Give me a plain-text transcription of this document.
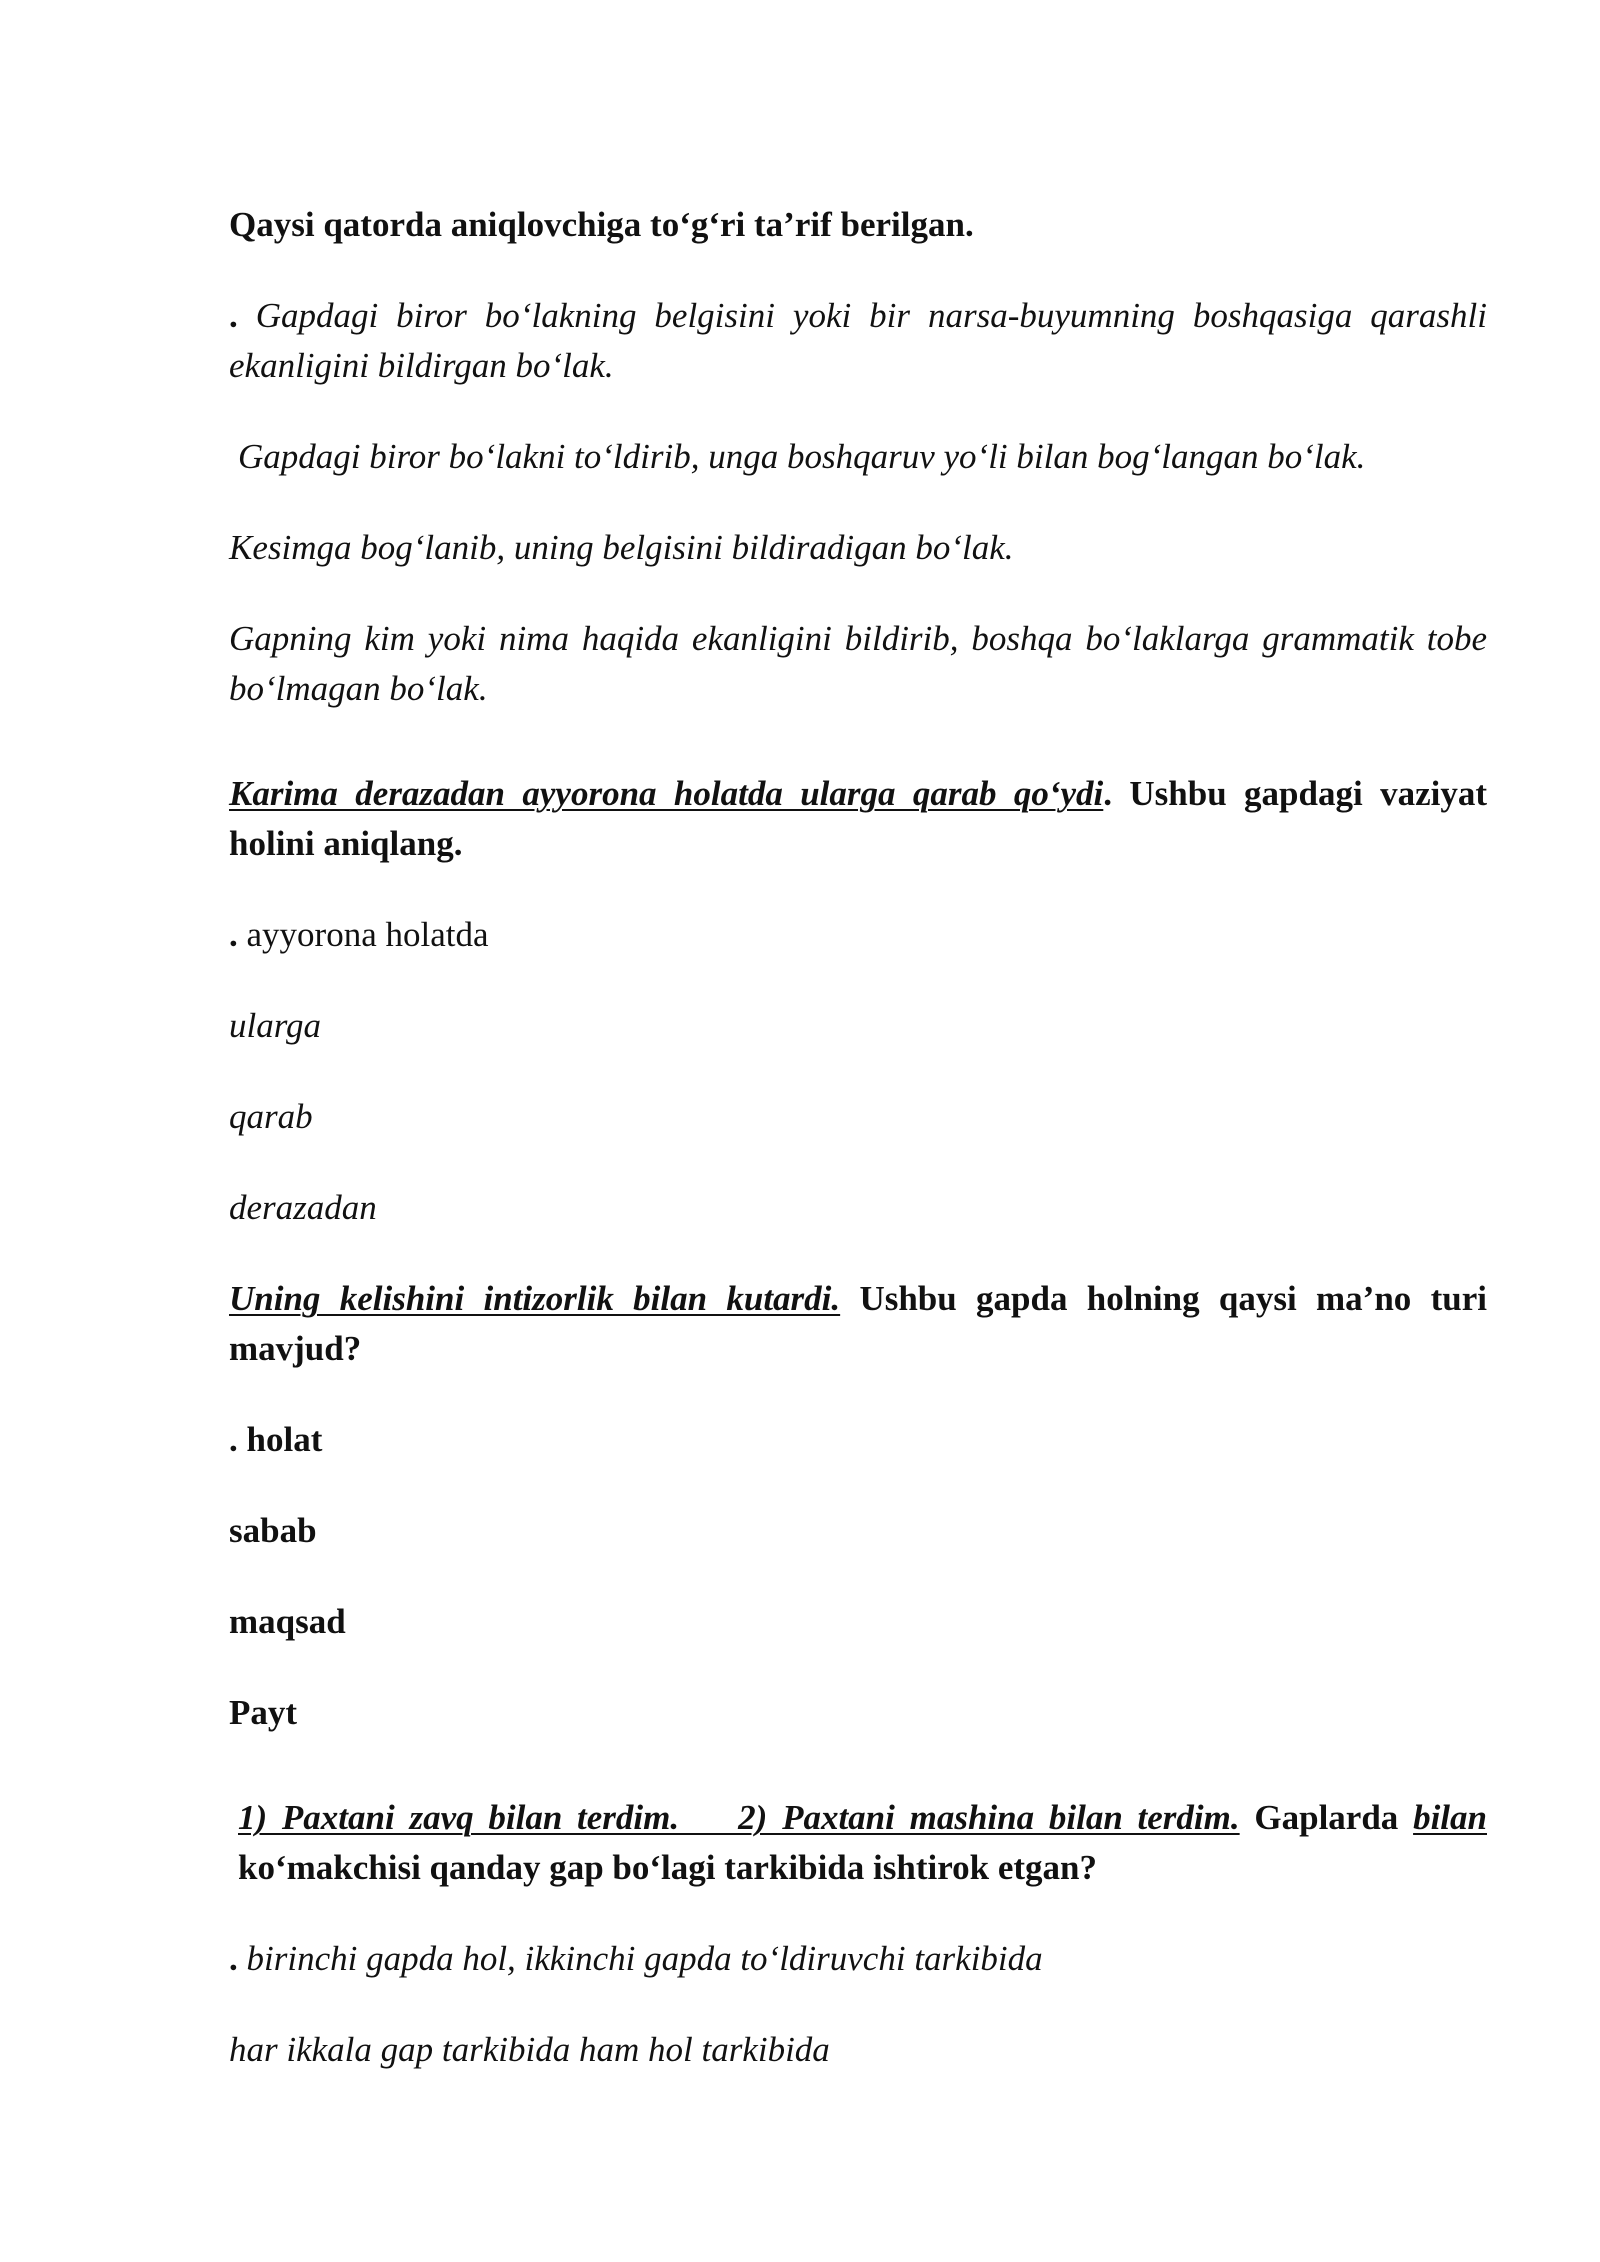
Qaysi qatorda aniqlovchiga to‘g‘ri ta’rif berilgan.

. Gapdagi biror bo‘lakning belgisini yoki bir narsa-buyumning boshqasiga qarashli ekanligini bildirgan bo‘lak.

Gapdagi biror bo‘lakni to‘ldirib, unga boshqaruv yo‘li bilan bog‘langan bo‘lak.

Kesimga bog‘lanib, uning belgisini bildiradigan bo‘lak.

Gapning kim yoki nima haqida ekanligini bildirib, boshqa bo‘laklarga grammatik tobe bo‘lmagan bo‘lak.

Karima derazadan ayyorona holatda ularga qarab qo‘ydi. Ushbu gapdagi vaziyat holini aniqlang.

. ayyorona holatda

ularga

qarab

derazadan

Uning kelishini intizorlik bilan kutardi. Ushbu gapda holning qaysi ma’no turi mavjud?

. holat

sabab

maqsad

Payt

1) Paxtani zavq bilan terdim.    2) Paxtani mashina bilan terdim. Gaplarda bilan ko‘makchisi qanday gap bo‘lagi tarkibida ishtirok etgan?

. birinchi gapda hol, ikkinchi gapda to‘ldiruvchi tarkibida

har ikkala gap tarkibida ham hol tarkibida
